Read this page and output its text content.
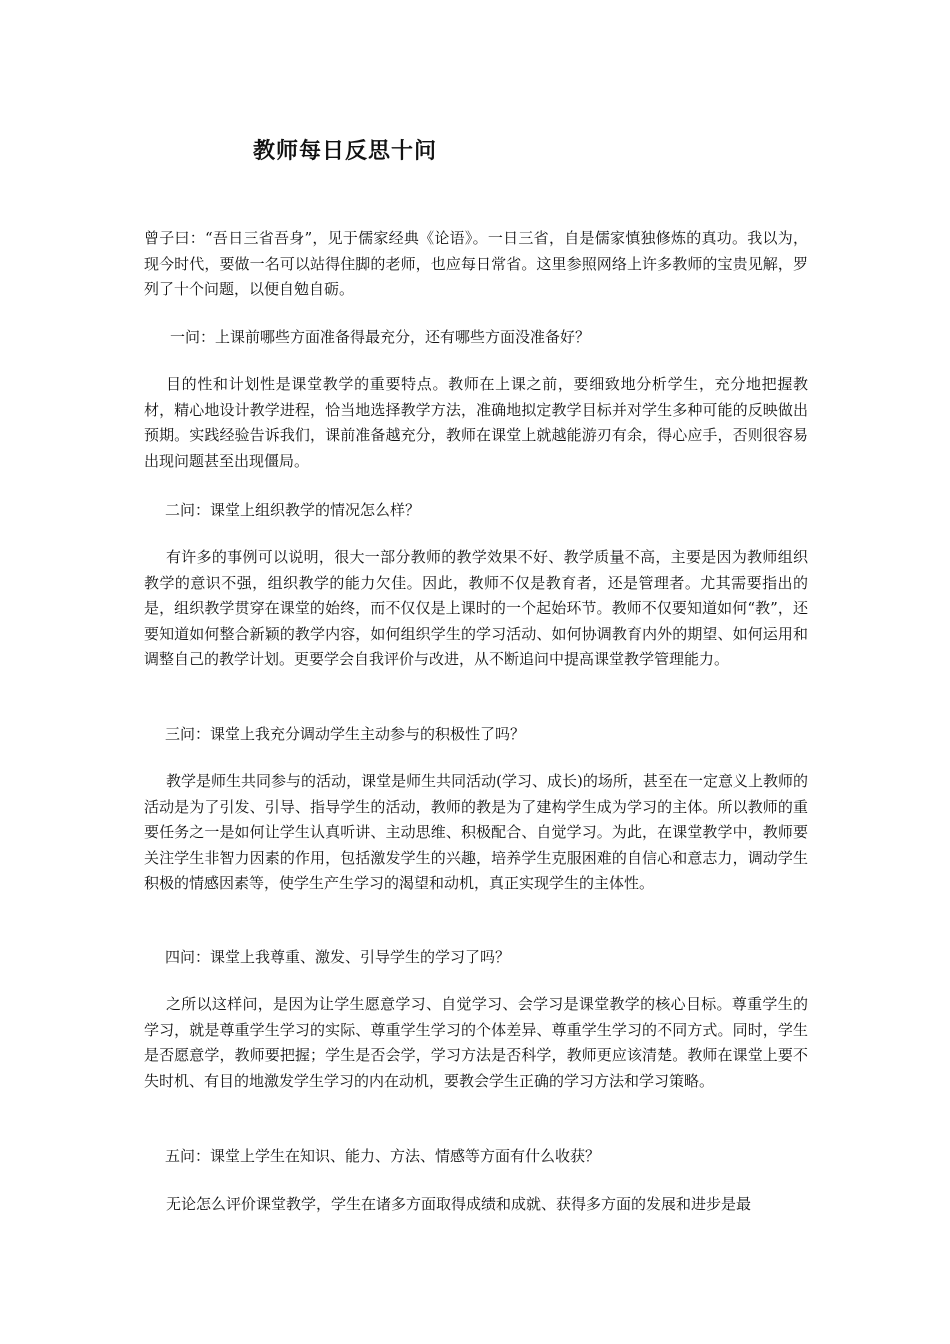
教师每日反思十问

曾子曰：“吾日三省吾身”，见于儒家经典《论语》。一日三省，自是儒家慎独修炼的真功。我以为，现今时代，要做一名可以站得住脚的老师，也应每日常省。这里参照网络上许多教师的宝贵见解，罗列了十个问题，以便自勉自砺。

一问：上课前哪些方面准备得最充分，还有哪些方面没准备好？

目的性和计划性是课堂教学的重要特点。教师在上课之前，要细致地分析学生，充分地把握教材，精心地设计教学进程，恰当地选择教学方法，准确地拟定教学目标并对学生多种可能的反映做出预期。实践经验告诉我们，课前准备越充分，教师在课堂上就越能游刃有余，得心应手，否则很容易出现问题甚至出现僵局。

二问：课堂上组织教学的情况怎么样？

有许多的事例可以说明，很大一部分教师的教学效果不好、教学质量不高，主要是因为教师组织教学的意识不强，组织教学的能力欠佳。因此，教师不仅是教育者，还是管理者。尤其需要指出的是，组织教学贯穿在课堂的始终，而不仅仅是上课时的一个起始环节。教师不仅要知道如何“教”，还要知道如何整合新颖的教学内容，如何组织学生的学习活动、如何协调教育内外的期望、如何运用和调整自己的教学计划。更要学会自我评价与改进，从不断追问中提高课堂教学管理能力。

三问：课堂上我充分调动学生主动参与的积极性了吗？

教学是师生共同参与的活动，课堂是师生共同活动(学习、成长)的场所，甚至在一定意义上教师的活动是为了引发、引导、指导学生的活动，教师的教是为了建构学生成为学习的主体。所以教师的重要任务之一是如何让学生认真听讲、主动思维、积极配合、自觉学习。为此，在课堂教学中，教师要关注学生非智力因素的作用，包括激发学生的兴趣，培养学生克服困难的自信心和意志力，调动学生积极的情感因素等，使学生产生学习的渴望和动机，真正实现学生的主体性。

四问：课堂上我尊重、激发、引导学生的学习了吗？

之所以这样问，是因为让学生愿意学习、自觉学习、会学习是课堂教学的核心目标。尊重学生的学习，就是尊重学生学习的实际、尊重学生学习的个体差异、尊重学生学习的不同方式。同时，学生是否愿意学，教师要把握；学生是否会学，学习方法是否科学，教师更应该清楚。教师在课堂上要不失时机、有目的地激发学生学习的内在动机，要教会学生正确的学习方法和学习策略。

五问：课堂上学生在知识、能力、方法、情感等方面有什么收获？

无论怎么评价课堂教学，学生在诸多方面取得成绩和成就、获得多方面的发展和进步是最
